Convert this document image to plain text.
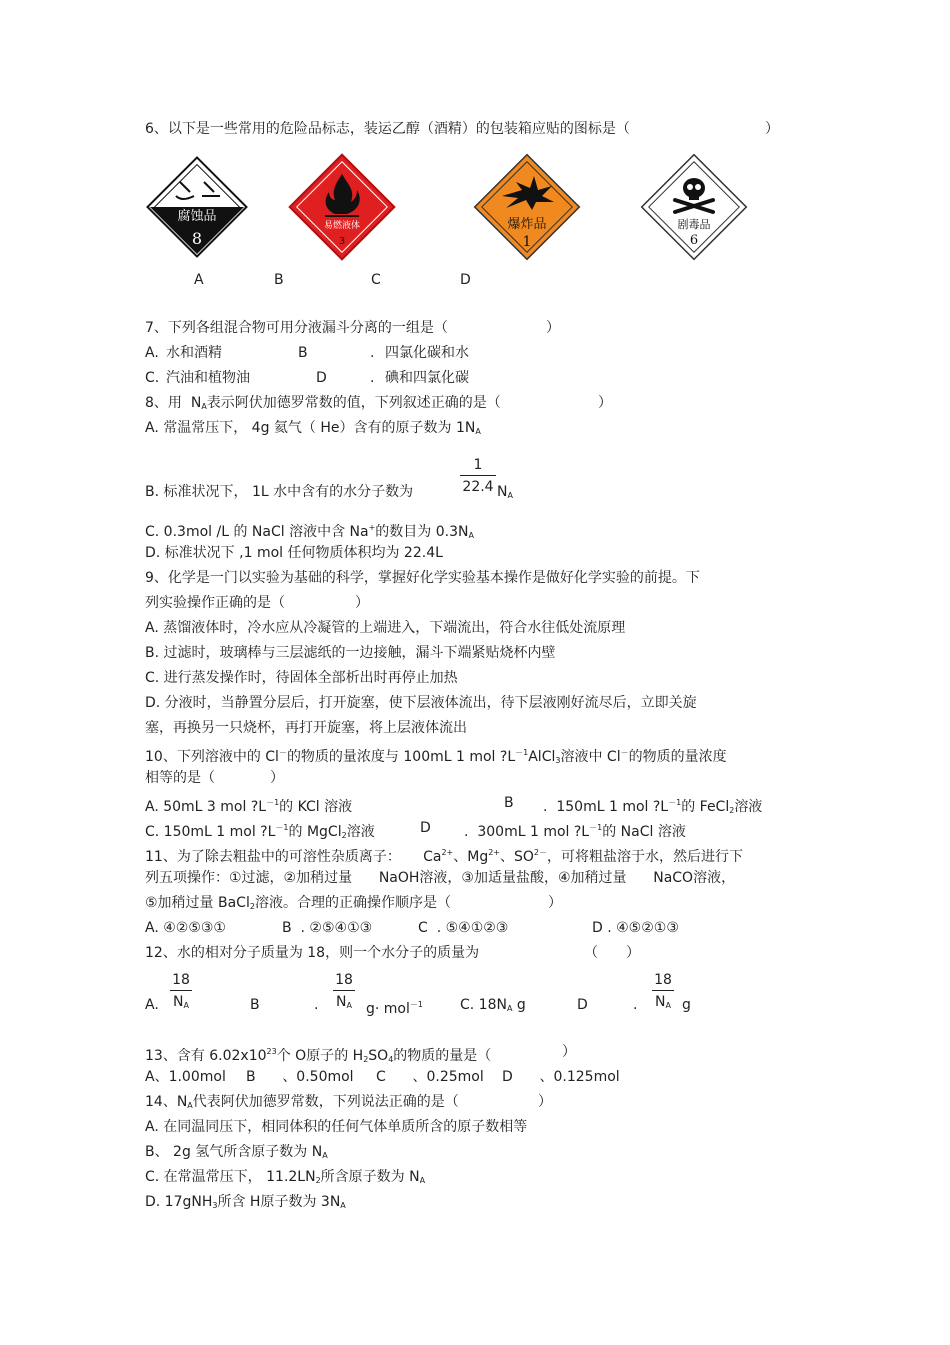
6、以下是一些常用的危险品标志，装运乙醇（酒精）的包装箱应贴的图标是（	）
腐蚀品
8
易燃液体
3
爆炸品
1
剧毒品
6
A	B	C	D
7、下列各组混合物可用分液漏斗分离的一组是（	）
A. 水和酒精	B	. 四氯化碳和水
C. 汽油和植物油	D	. 碘和四氯化碳
8、用 $N_A$表示阿伏加德罗常数的值，下列叙述正确的是（	）
A. 常温常压下， 4g 氦气（ He）含有的原子数为 $1N_A$
B. 标准状况下， 1L 水中含有的水分子数为
1
22.4 $N_A$
C. 0.3mol /L 的 NaCl 溶液中含 Na+的数目为 $0.3N_A$
D. 标准状况下 ,1 mol 任何物质体积均为 22.4L
9、化学是一门以实验为基础的科学，掌握好化学实验基本操作是做好化学实验的前提。下
列实验操作正确的是（	）
A. 蒸馏液体时，冷水应从冷凝管的上端进入，下端流出，符合水往低处流原理
B. 过滤时，玻璃棒与三层滤纸的一边接触，漏斗下端紧贴烧杯内壁
C. 进行蒸发操作时，待固体全部析出时再停止加热
D. 分液时，当静置分层后，打开旋塞，使下层液体流出，待下层液刚好流尽后，立即关旋
塞，再换另一只烧杯，再打开旋塞，将上层液体流出
10、下列溶液中的 Cl－的物质的量浓度与 100mL 1 mol $?L^{-1}AlCl_3$溶液中 Cl－的物质的量浓度
相等的是（	）
A. 50mL 3 mol $?L^{-1}$的 KCl 溶液	B . 150mL 1 mol $?L^{-1}$的 FeCl$_2$溶液
C. 150mL 1 mol $?L^{-1}$的 MgCl$_2$溶液	D . 300mL 1 mol $?L^{-1}$的 NaCl 溶液
11、为了除去粗盐中的可溶性杂质离子： $Ca^{2+}$、$Mg^{2+}$、$SO^{2-}$，可将粗盐溶于水，然后进行下
列五项操作：①过滤，②加稍过量 NaOH溶液，③加适量盐酸，④加稍过量 NaCO溶液，
⑤加稍过量 BaCl$_2$溶液。合理的正确操作顺序是（	）
A. ④②⑤③①	B . ②⑤④①③	C . ⑤④①②③	D . ④⑤②①③
12、水的相对分子质量为 18，则一个水分子的质量为	（ ）
A.
18
$N_A$	B	.
18
$N_A$ g· mol$^{-1}$	C. $18N_A$ g	D	.
18
$N_A$ g
13、含有 $6.02x10^{23}$个 O原子的 $H_2SO_4$的物质的量是（	）
A、1.00mol B 、0.50mol C 、0.25mol D 、0.125mol
14、$N_A$代表阿伏加德罗常数，下列说法正确的是（	）
A. 在同温同压下，相同体积的任何气体单质所含的原子数相等
B、 2g 氢气所含原子数为 $N_A$
C. 在常温常压下， $11.2LN_2$所含原子数为 $N_A$
D. 17gNH$_3$所含 H原子数为 $3N_A$
